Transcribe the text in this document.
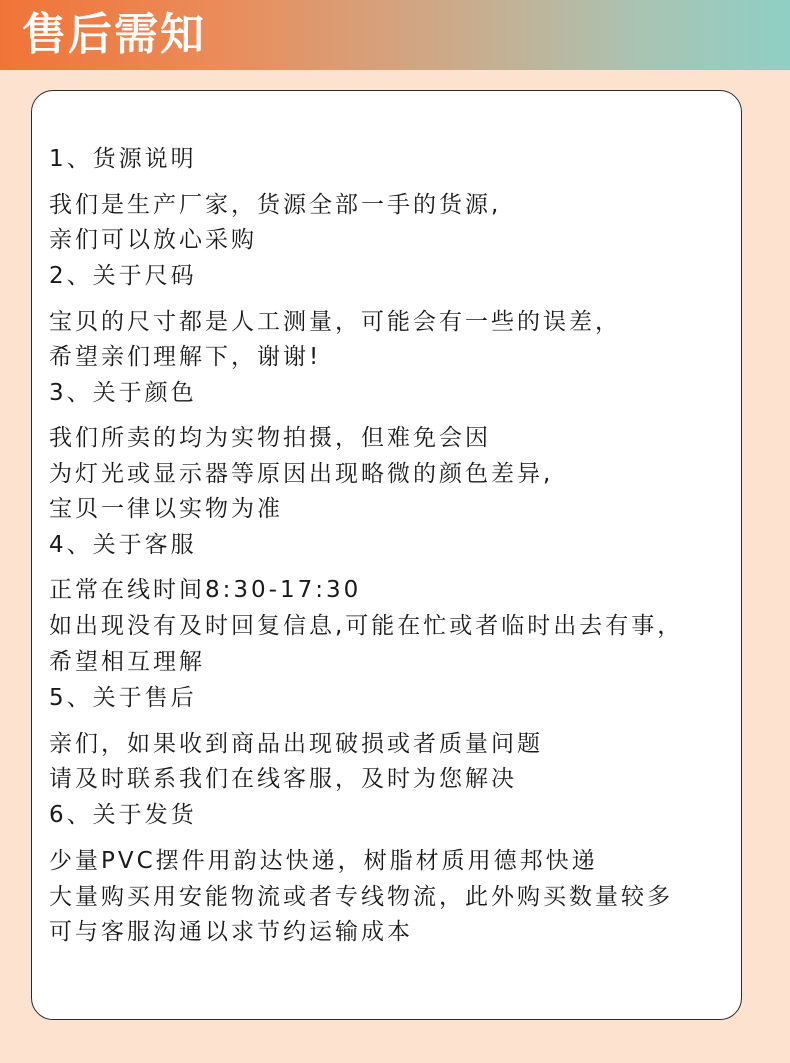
售后需知
1、货源说明
我们是生产厂家，货源全部一手的货源,
亲们可以放心采购
2、关于尺码
宝贝的尺寸都是人工测量，可能会有一些的误差，
希望亲们理解下，谢谢!
3、关于颜色
我们所卖的均为实物拍摄，但难免会因
为灯光或显示器等原因出现略微的颜色差异,
宝贝一律以实物为准
4、关于客服
正常在线时间8:30-17:30
如出现没有及时回复信息,可能在忙或者临时出去有事，
希望相互理解
5、关于售后
亲们，如果收到商品出现破损或者质量问题
请及时联系我们在线客服，及时为您解决
6、关于发货
少量PVC摆件用韵达快递，树脂材质用德邦快递
大量购买用安能物流或者专线物流，此外购买数量较多
可与客服沟通以求节约运输成本
